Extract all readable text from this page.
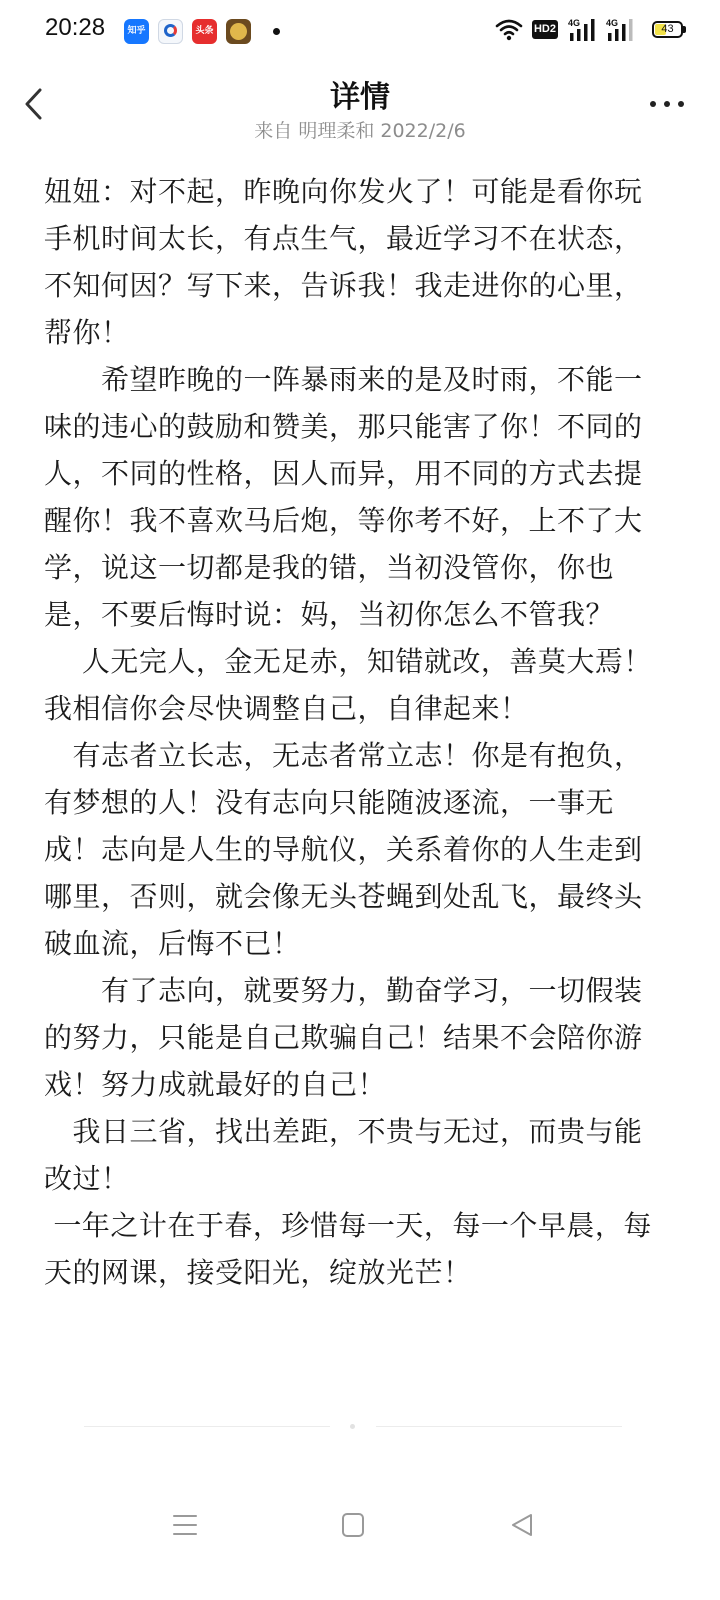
20:28	知乎	头条	HD2 4G	4G	43
详情
来自 明理柔和 2022/2/6

妞妞：对不起，昨晚向你发火了！可能是看你玩手机时间太长，有点生气，最近学习不在状态，不知何因？写下来，告诉我！我走进你的心里，帮你！

　　希望昨晚的一阵暴雨来的是及时雨，不能一味的违心的鼓励和赞美，那只能害了你！不同的人，不同的性格，因人而异，用不同的方式去提醒你！我不喜欢马后炮，等你考不好，上不了大学，说这一切都是我的错，当初没管你，你也是，不要后悔时说：妈，当初你怎么不管我？

　 人无完人，金无足赤，知错就改，善莫大焉！我相信你会尽快调整自己，自律起来！

　有志者立长志，无志者常立志！你是有抱负，有梦想的人！没有志向只能随波逐流，一事无成！志向是人生的导航仪，关系着你的人生走到哪里，否则，就会像无头苍蝇到处乱飞，最终头破血流，后悔不已！

　　有了志向，就要努力，勤奋学习，一切假装的努力，只能是自己欺骗自己！结果不会陪你游戏！努力成就最好的自己！

　我日三省，找出差距，不贵与无过，而贵与能改过！

一年之计在于春，珍惜每一天，每一个早晨，每天的网课，接受阳光，绽放光芒！
